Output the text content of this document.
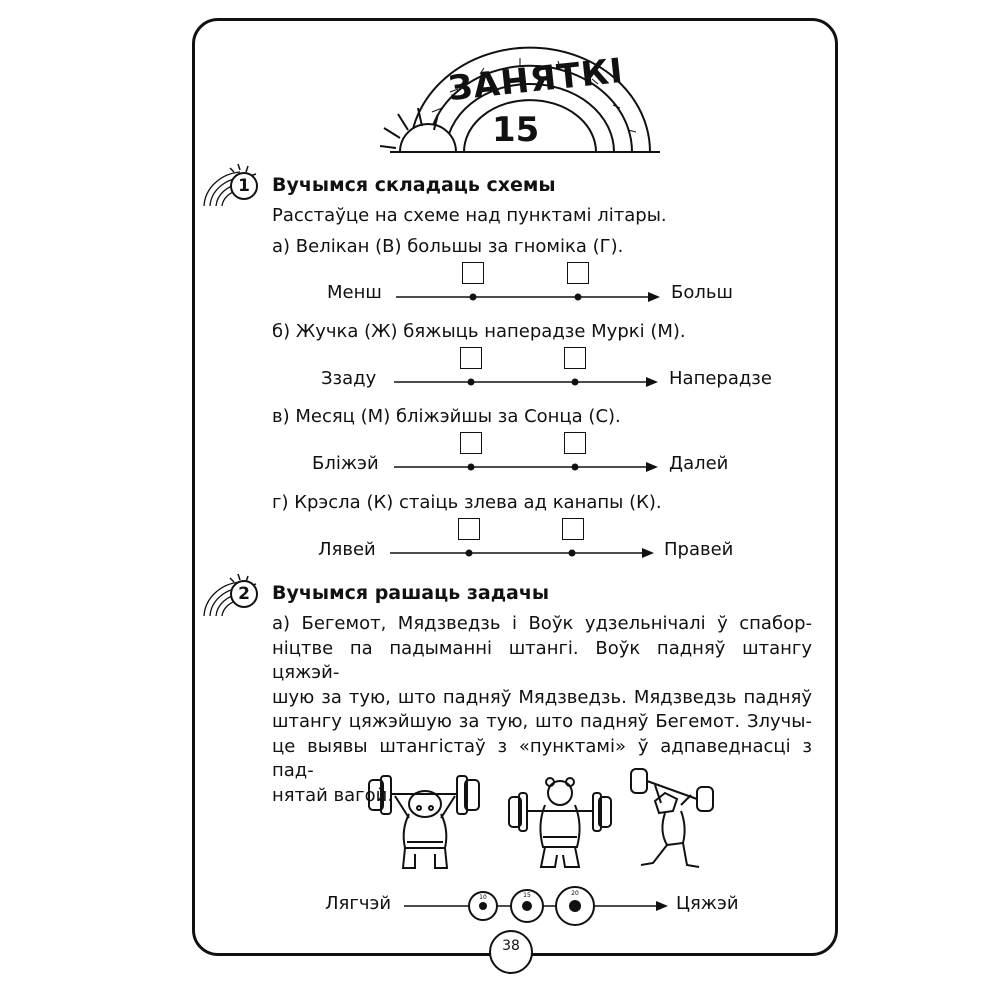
ЗАНЯТКІ
15
1	Вучымся складаць схемы
Расстаўце на схеме над пунктамі літары.
а) Велікан (В) большы за гноміка (Г).
Менш	Больш
б) Жучка (Ж) бяжыць наперадзе Муркі (М).
Ззаду	Наперадзе
в) Месяц (М) бліжэйшы за Сонца (С).
Бліжэй	Далей
г) Крэсла (К) стаіць злева ад канапы (К).
Лявей	Правей
2	Вучымся рашаць задачы
а) Бегемот, Мядзведзь і Воўк удзельнічалі ў спабор-
ніцтве па падыманні штангі. Воўк падняў штангу цяжэй-
шую за тую, што падняў Мядзведзь. Мядзведзь падняў
штангу цяжэйшую за тую, што падняў Бегемот. Злучы-
це выявы штангістаў з «пунктамі» ў адпаведнасці з пад-
нятай вагой.
Лягчэй	10	15	20	Цяжэй
38
